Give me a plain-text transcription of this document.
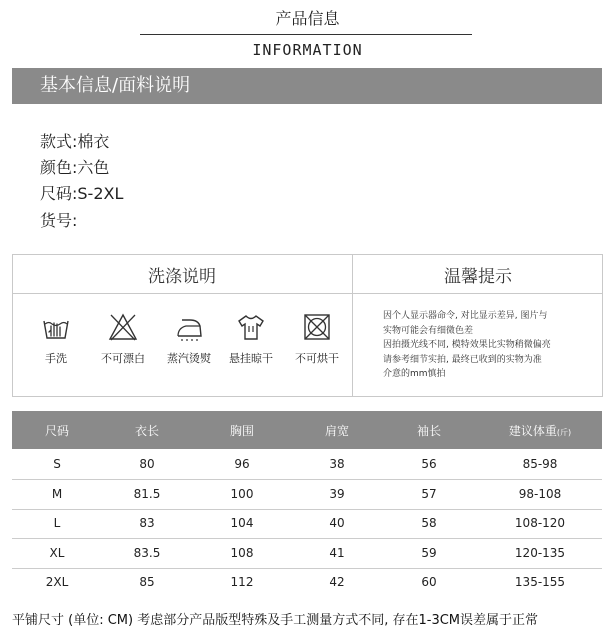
产品信息
INFORMATION
基本信息/面料说明
款式:棉衣
颜色:六色
尺码:S-2XL
货号:
洗涤说明	温馨提示
手洗	不可漂白	蒸汽烫熨	悬挂晾干	不可烘干
因个人显示器命令, 对比显示差异, 图片与
实物可能会有细微色差
因拍摄光线不同, 模特效果比实物稍微偏亮
请参考细节实拍, 最终已收到的实物为准
介意的mm慎拍
尺码	衣长	胸围	肩宽	袖长	建议体重(斤)
S	80	96	38	56	85-98
M	81.5	100	39	57	98-108
L	83	104	40	58	108-120
XL	83.5	108	41	59	120-135
2XL	85	112	42	60	135-155
平铺尺寸 (单位: CM) 考虑部分产品版型特殊及手工测量方式不同, 存在1-3CM误差属于正常
